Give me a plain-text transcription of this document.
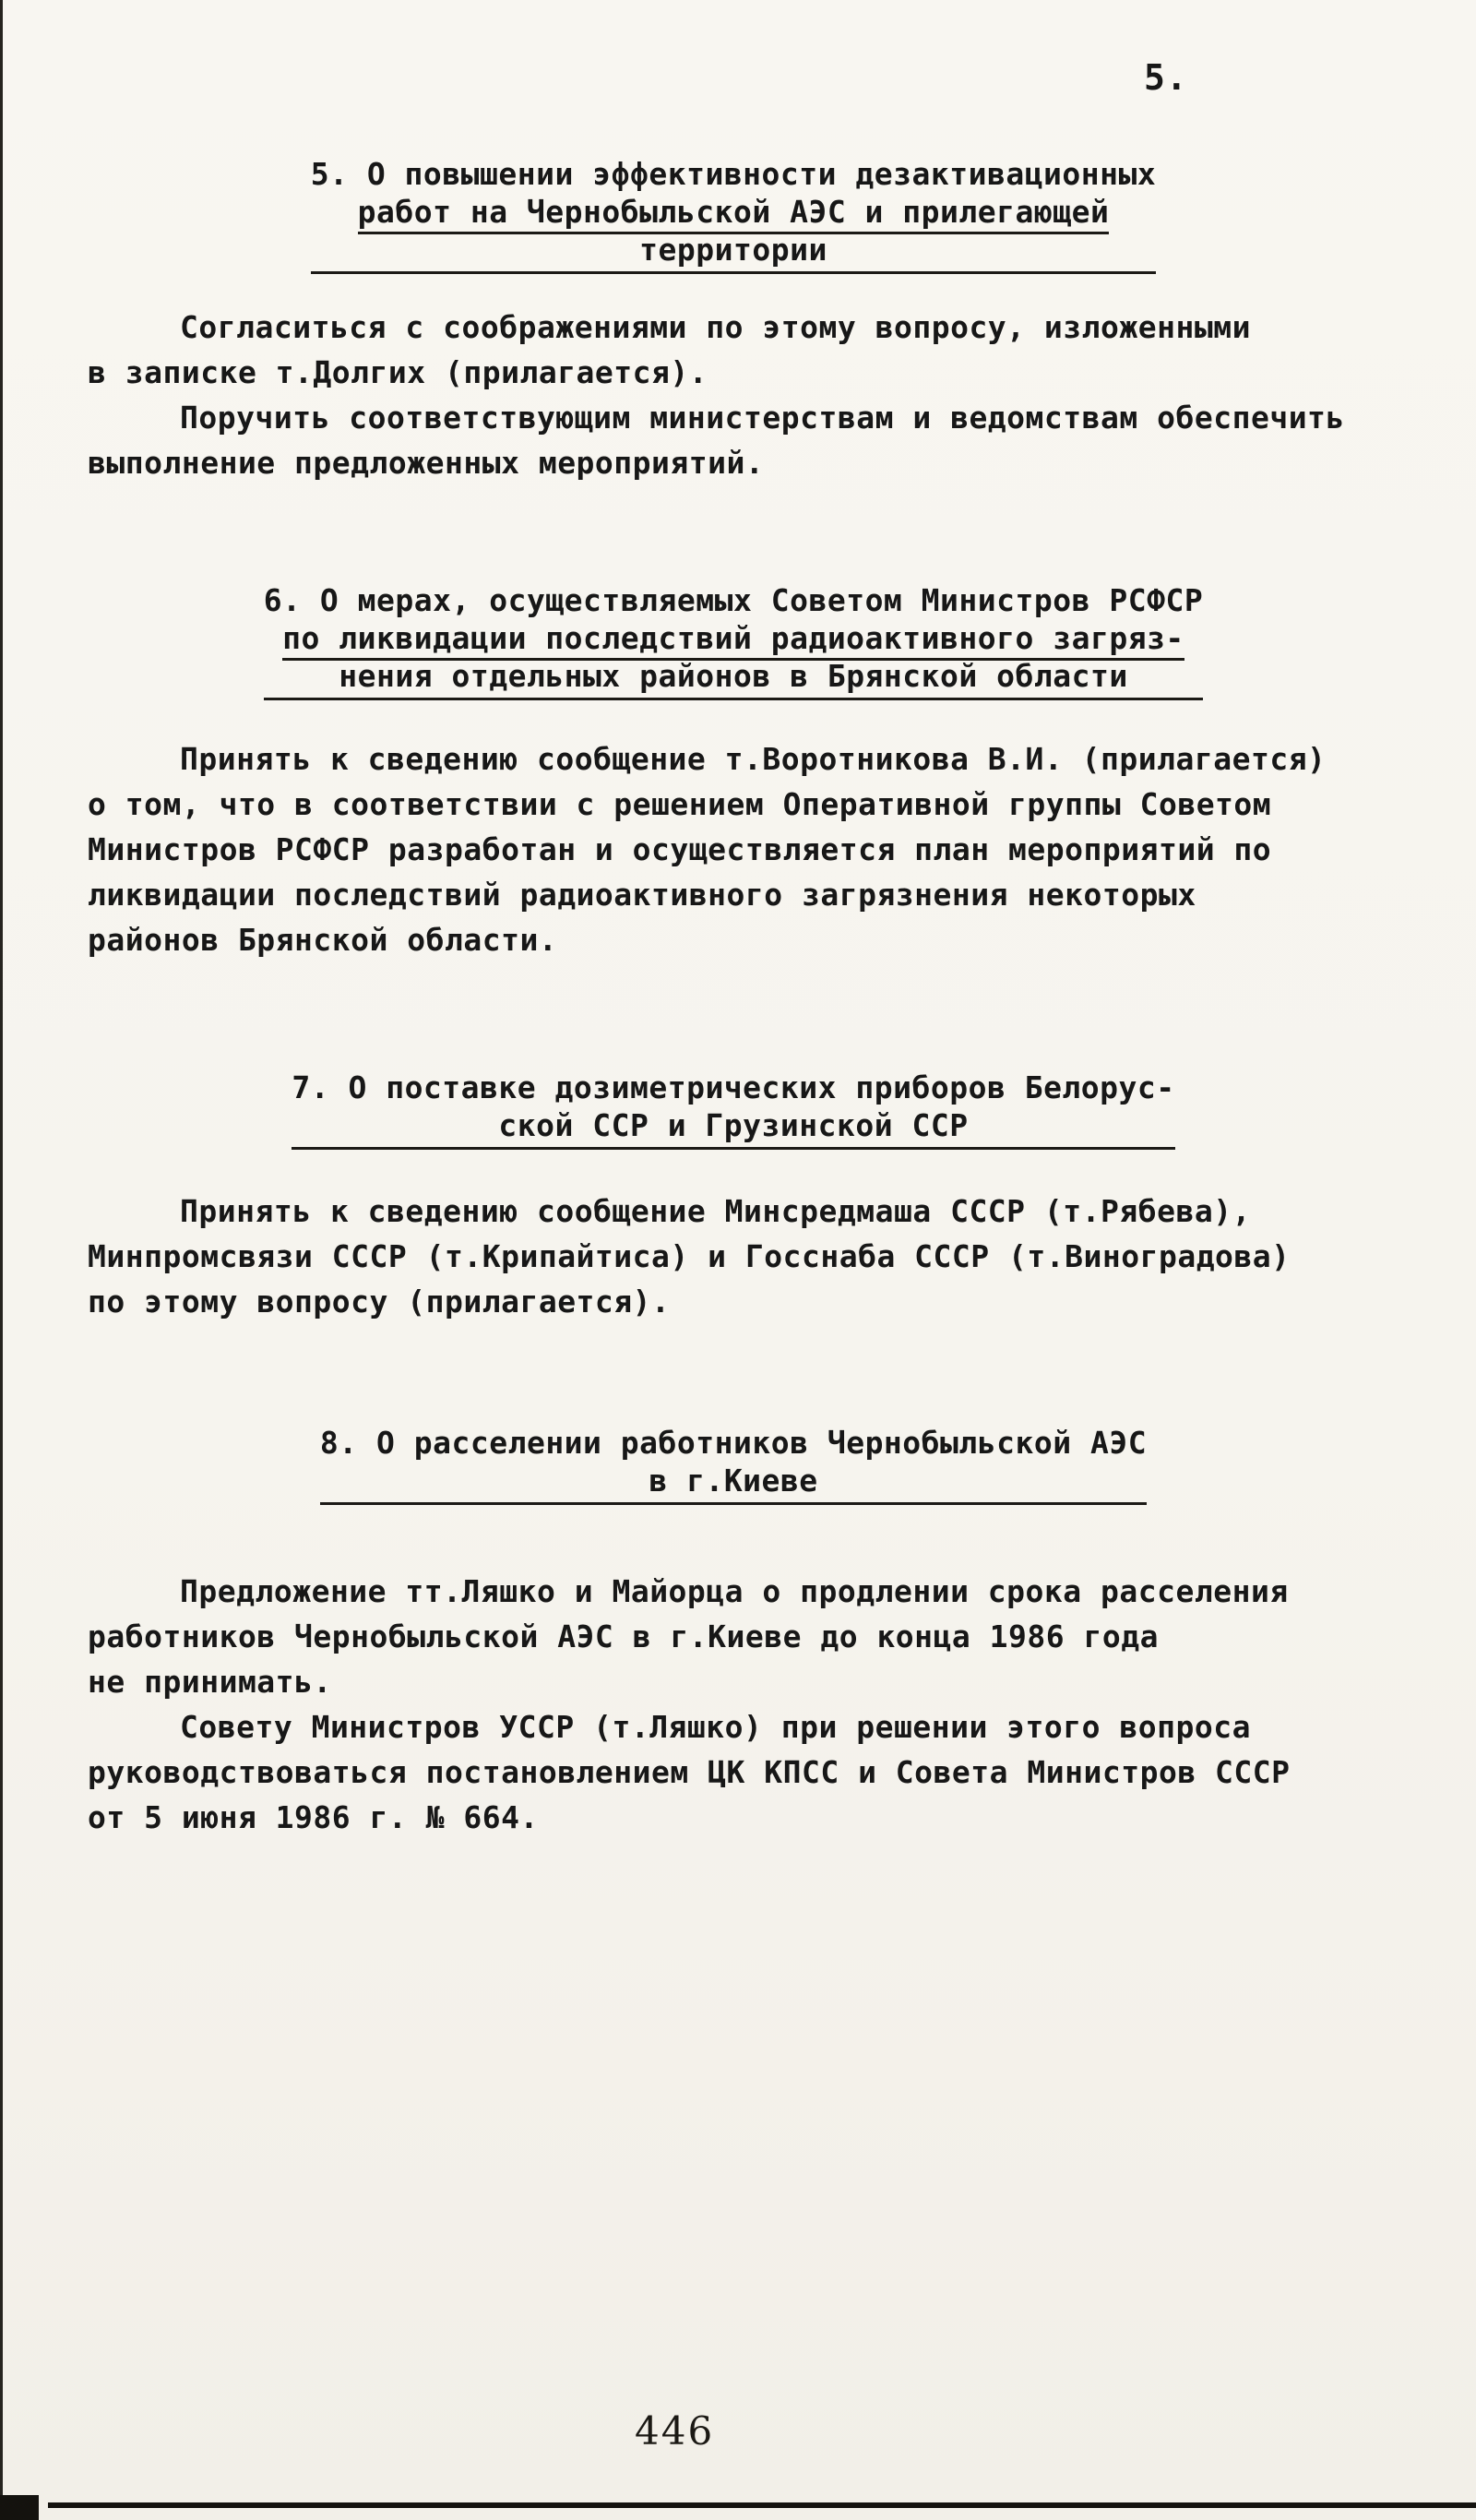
5.
5. О повышении эффективности дезактивационных
работ на Чернобыльской АЭС и прилегающей
территории

Согласиться с соображениями по этому вопросу, изложенными
в записке т.Долгих (прилагается).

Поручить соответствующим министерствам и ведомствам обеспечить
выполнение предложенных мероприятий.

6. О мерах, осуществляемых Советом Министров РСФСР
по ликвидации последствий радиоактивного загряз-
нения отдельных районов в Брянской области

Принять к сведению сообщение т.Воротникова В.И. (прилагается)
о том, что в соответствии с решением Оперативной группы Советом
Министров РСФСР разработан и осуществляется план мероприятий по
ликвидации последствий радиоактивного загрязнения некоторых
районов Брянской области.

7. О поставке дозиметрических приборов Белорус-
ской ССР и Грузинской ССР

Принять к сведению сообщение Минсредмаша СССР (т.Рябева),
Минпромсвязи СССР (т.Крипайтиса) и Госснаба СССР (т.Виноградова)
по этому вопросу (прилагается).

8. О расселении работников Чернобыльской АЭС
в г.Киеве

Предложение тт.Ляшко и Майорца о продлении срока расселения
работников Чернобыльской АЭС в г.Киеве до конца 1986 года
не принимать.

Совету Министров УССР (т.Ляшко) при решении этого вопроса
руководствоваться постановлением ЦК КПСС и Совета Министров СССР
от 5 июня 1986 г. № 664.

446
